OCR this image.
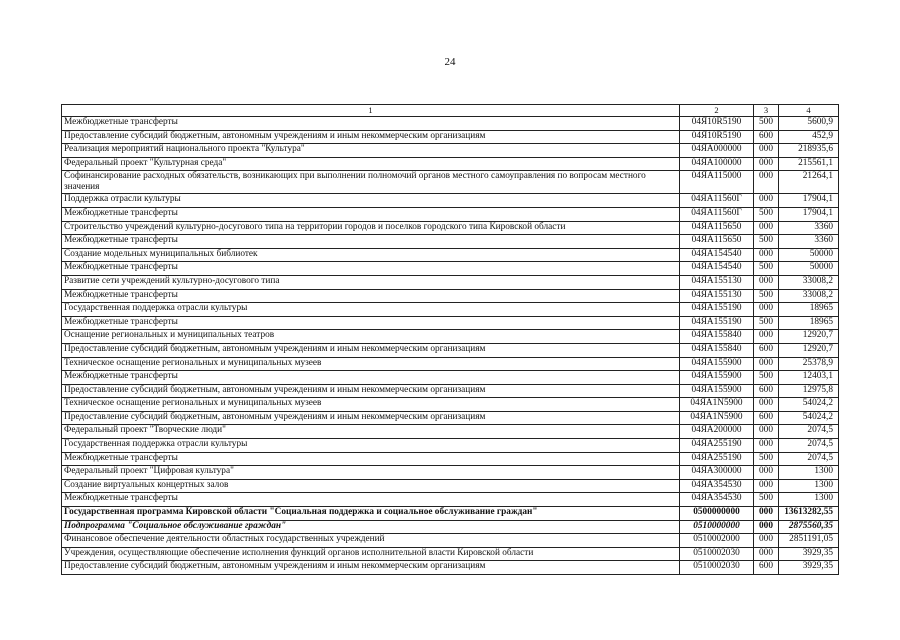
24
1	2	3	4
Межбюджетные трансферты	04Я10R5190	500	5600,9
Предоставление субсидий бюджетным, автономным учреждениям и иным некоммерческим организациям	04Я10R5190	600	452,9
Реализация мероприятий национального проекта "Культура"	04ЯА000000	000	218935,6
Федеральный проект "Культурная среда"	04ЯА100000	000	215561,1
Софинансирование расходных обязательств, возникающих при выполнении полномочий органов местного самоуправления по вопросам местного значения	04ЯА115000	000	21264,1
Поддержка отрасли культуры	04ЯА11560Г	000	17904,1
Межбюджетные трансферты	04ЯА11560Г	500	17904,1
Строительство учреждений культурно-досугового типа на территории городов и поселков городского типа Кировской области	04ЯА115650	000	3360
Межбюджетные трансферты	04ЯА115650	500	3360
Создание модельных муниципальных библиотек	04ЯА154540	000	50000
Межбюджетные трансферты	04ЯА154540	500	50000
Развитие сети учреждений культурно-досугового типа	04ЯА155130	000	33008,2
Межбюджетные трансферты	04ЯА155130	500	33008,2
Государственная поддержка отрасли культуры	04ЯА155190	000	18965
Межбюджетные трансферты	04ЯА155190	500	18965
Оснащение региональных и муниципальных театров	04ЯА155840	000	12920,7
Предоставление субсидий бюджетным, автономным учреждениям и иным некоммерческим организациям	04ЯА155840	600	12920,7
Техническое оснащение региональных и муниципальных музеев	04ЯА155900	000	25378,9
Межбюджетные трансферты	04ЯА155900	500	12403,1
Предоставление субсидий бюджетным, автономным учреждениям и иным некоммерческим организациям	04ЯА155900	600	12975,8
Техническое оснащение региональных и муниципальных музеев	04ЯА1N5900	000	54024,2
Предоставление субсидий бюджетным, автономным учреждениям и иным некоммерческим организациям	04ЯА1N5900	600	54024,2
Федеральный проект "Творческие люди"	04ЯА200000	000	2074,5
Государственная поддержка отрасли культуры	04ЯА255190	000	2074,5
Межбюджетные трансферты	04ЯА255190	500	2074,5
Федеральный проект "Цифровая культура"	04ЯА300000	000	1300
Создание виртуальных концертных залов	04ЯА354530	000	1300
Межбюджетные трансферты	04ЯА354530	500	1300
Государственная программа Кировской области "Социальная поддержка и социальное обслуживание граждан"	0500000000	000	13613282,55
Подпрограмма "Социальное обслуживание граждан"	0510000000	000	2875560,35
Финансовое обеспечение деятельности областных государственных учреждений	0510002000	000	2851191,05
Учреждения, осуществляющие обеспечение исполнения функций органов исполнительной власти Кировской области	0510002030	000	3929,35
Предоставление субсидий бюджетным, автономным учреждениям и иным некоммерческим организациям	0510002030	600	3929,35
